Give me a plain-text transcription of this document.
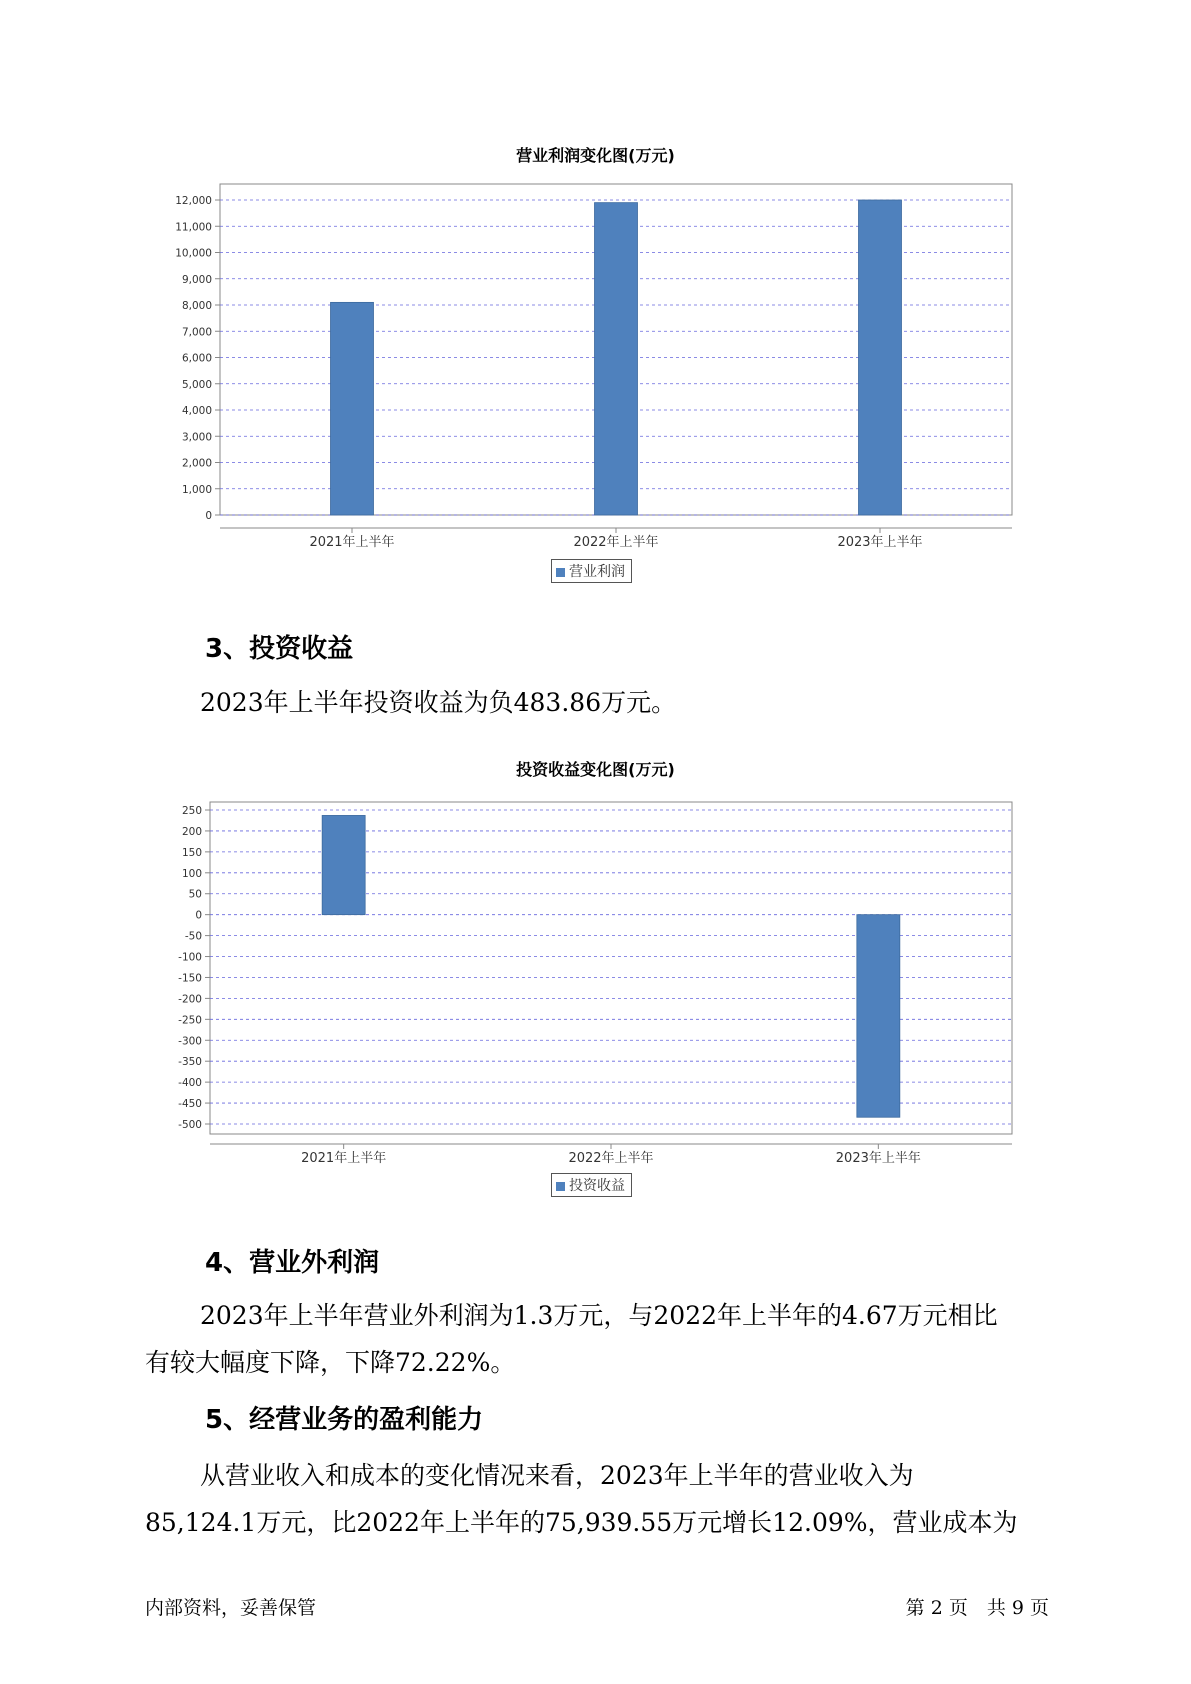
营业利润变化图(万元)
0
1,000
2,000
3,000
4,000
5,000
6,000
7,000
8,000
9,000
10,000
11,000
12,000
2021年上半年	2022年上半年	2023年上半年
营业利润
3、投资收益

2023年上半年投资收益为负483.86万元。

投资收益变化图(万元)
250
200
150
100
50
0
-50
-100
-150
-200
-250
-300
-350
-400
-450
-500
2021年上半年	2022年上半年	2023年上半年
投资收益
4、营业外利润

2023年上半年营业外利润为1.3万元，与2022年上半年的4.67万元相比
有较大幅度下降，下降72.22%。

5、经营业务的盈利能力

从营业收入和成本的变化情况来看，2023年上半年的营业收入为
85,124.1万元，比2022年上半年的75,939.55万元增长12.09%，营业成本为

内部资料，妥善保管	第 2 页　共 9 页
